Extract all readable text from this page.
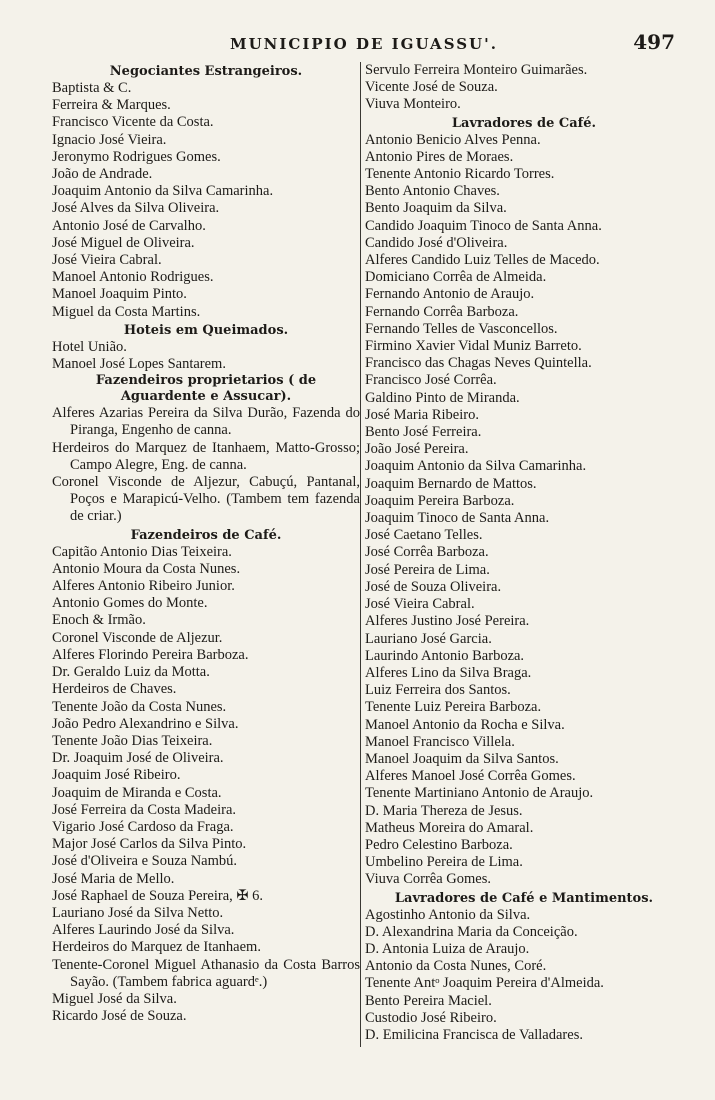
MUNICIPIO DE IGUASSU'.	497
Negociantes Estrangeiros.
Baptista & C.
Ferreira & Marques.
Francisco Vicente da Costa.
Ignacio José Vieira.
Jeronymo Rodrigues Gomes.
João de Andrade.
Joaquim Antonio da Silva Camarinha.
José Alves da Silva Oliveira.
Antonio José de Carvalho.
José Miguel de Oliveira.
José Vieira Cabral.
Manoel Antonio Rodrigues.
Manoel Joaquim Pinto.
Miguel da Costa Martins.
Hoteis em Queimados.
Hotel União.
Manoel José Lopes Santarem.
Fazendeiros proprietarios ( de Aguardente e Assucar).
Alferes Azarias Pereira da Silva Durão, Fazenda do Piranga, Engenho de canna.
Herdeiros do Marquez de Itanhaem, Matto-Grosso; Campo Alegre, Eng. de canna.
Coronel Visconde de Aljezur, Cabuçú, Pantanal, Poços e Marapicú-Velho. (Tambem tem fazenda de criar.)
Fazendeiros de Café.
Capitão Antonio Dias Teixeira.
Antonio Moura da Costa Nunes.
Alferes Antonio Ribeiro Junior.
Antonio Gomes do Monte.
Enoch & Irmão.
Coronel Visconde de Aljezur.
Alferes Florindo Pereira Barboza.
Dr. Geraldo Luiz da Motta.
Herdeiros de Chaves.
Tenente João da Costa Nunes.
João Pedro Alexandrino e Silva.
Tenente João Dias Teixeira.
Dr. Joaquim José de Oliveira.
Joaquim José Ribeiro.
Joaquim de Miranda e Costa.
José Ferreira da Costa Madeira.
Vigario José Cardoso da Fraga.
Major José Carlos da Silva Pinto.
José d'Oliveira e Souza Nambú.
José Maria de Mello.
José Raphael de Souza Pereira, ✠ 6.
Lauriano José da Silva Netto.
Alferes Laurindo José da Silva.
Herdeiros do Marquez de Itanhaem.
Tenente-Coronel Miguel Athanasio da Costa Barros Sayão. (Tambem fabrica aguardᵉ.)
Miguel José da Silva.
Ricardo José de Souza.
Servulo Ferreira Monteiro Guimarães.
Vicente José de Souza.
Viuva Monteiro.
Lavradores de Café.
Antonio Benicio Alves Penna.
Antonio Pires de Moraes.
Tenente Antonio Ricardo Torres.
Bento Antonio Chaves.
Bento Joaquim da Silva.
Candido Joaquim Tinoco de Santa Anna.
Candido José d'Oliveira.
Alferes Candido Luiz Telles de Macedo.
Domiciano Corrêa de Almeida.
Fernando Antonio de Araujo.
Fernando Corrêa Barboza.
Fernando Telles de Vasconcellos.
Firmino Xavier Vidal Muniz Barreto.
Francisco das Chagas Neves Quintella.
Francisco José Corrêa.
Galdino Pinto de Miranda.
José Maria Ribeiro.
Bento José Ferreira.
João José Pereira.
Joaquim Antonio da Silva Camarinha.
Joaquim Bernardo de Mattos.
Joaquim Pereira Barboza.
Joaquim Tinoco de Santa Anna.
José Caetano Telles.
José Corrêa Barboza.
José Pereira de Lima.
José de Souza Oliveira.
José Vieira Cabral.
Alferes Justino José Pereira.
Lauriano José Garcia.
Laurindo Antonio Barboza.
Alferes Lino da Silva Braga.
Luiz Ferreira dos Santos.
Tenente Luiz Pereira Barboza.
Manoel Antonio da Rocha e Silva.
Manoel Francisco Villela.
Manoel Joaquim da Silva Santos.
Alferes Manoel José Corrêa Gomes.
Tenente Martiniano Antonio de Araujo.
D. Maria Thereza de Jesus.
Matheus Moreira do Amaral.
Pedro Celestino Barboza.
Umbelino Pereira de Lima.
Viuva Corrêa Gomes.
Lavradores de Café e Mantimentos.
Agostinho Antonio da Silva.
D. Alexandrina Maria da Conceição.
D. Antonia Luiza de Araujo.
Antonio da Costa Nunes, Coré.
Tenente Antᵒ Joaquim Pereira d'Almeida.
Bento Pereira Maciel.
Custodio José Ribeiro.
D. Emilicina Francisca de Valladares.
